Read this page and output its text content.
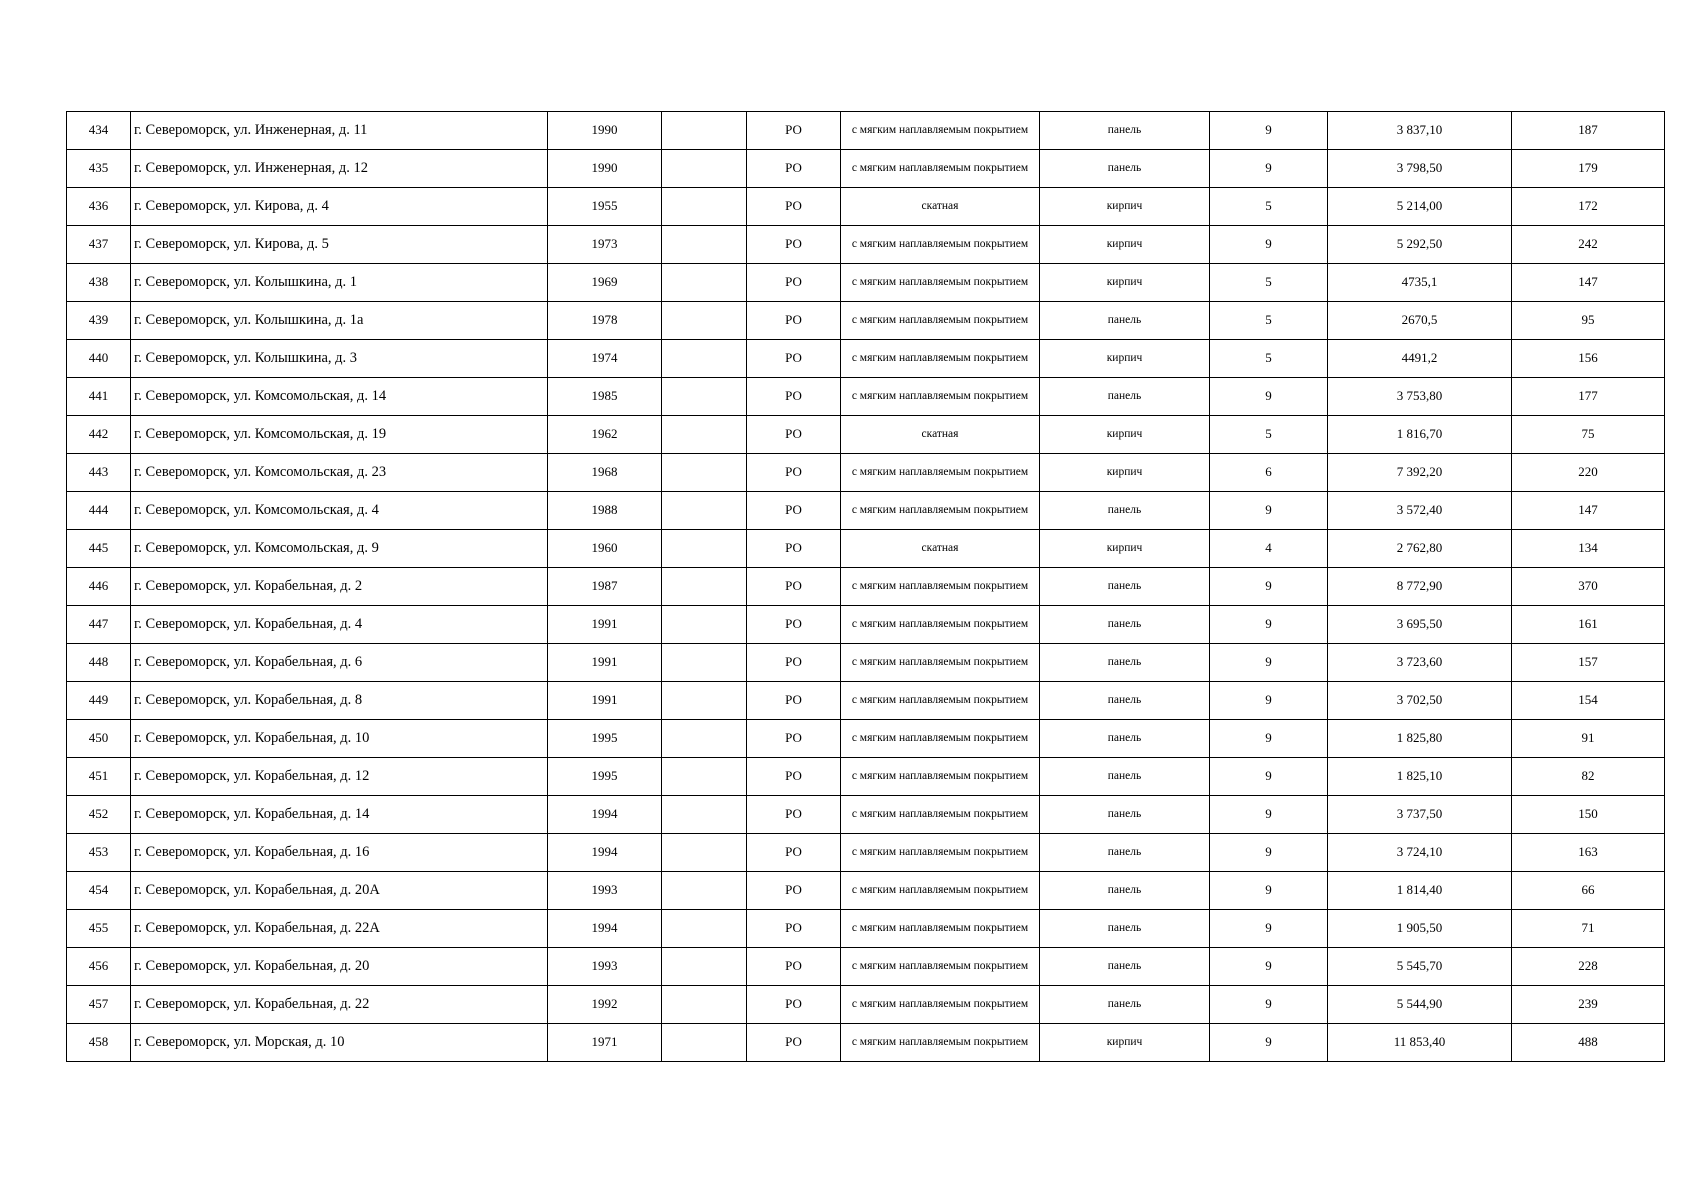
434	г. Североморск, ул. Инженерная, д. 11	1990		РО	с мягким наплавляемым покрытием	панель	9	3 837,10	187
435	г. Североморск, ул. Инженерная, д. 12	1990		РО	с мягким наплавляемым покрытием	панель	9	3 798,50	179
436	г. Североморск, ул. Кирова, д. 4	1955		РО	скатная	кирпич	5	5 214,00	172
437	г. Североморск, ул. Кирова, д. 5	1973		РО	с мягким наплавляемым покрытием	кирпич	9	5 292,50	242
438	г. Североморск, ул. Колышкина, д. 1	1969		РО	с мягким наплавляемым покрытием	кирпич	5	4735,1	147
439	г. Североморск, ул. Колышкина, д. 1а	1978		РО	с мягким наплавляемым покрытием	панель	5	2670,5	95
440	г. Североморск, ул. Колышкина, д. 3	1974		РО	с мягким наплавляемым покрытием	кирпич	5	4491,2	156
441	г. Североморск, ул. Комсомольская, д. 14	1985		РО	с мягким наплавляемым покрытием	панель	9	3 753,80	177
442	г. Североморск, ул. Комсомольская, д. 19	1962		РО	скатная	кирпич	5	1 816,70	75
443	г. Североморск, ул. Комсомольская, д. 23	1968		РО	с мягким наплавляемым покрытием	кирпич	6	7 392,20	220
444	г. Североморск, ул. Комсомольская, д. 4	1988		РО	с мягким наплавляемым покрытием	панель	9	3 572,40	147
445	г. Североморск, ул. Комсомольская, д. 9	1960		РО	скатная	кирпич	4	2 762,80	134
446	г. Североморск, ул. Корабельная, д. 2	1987		РО	с мягким наплавляемым покрытием	панель	9	8 772,90	370
447	г. Североморск, ул. Корабельная, д. 4	1991		РО	с мягким наплавляемым покрытием	панель	9	3 695,50	161
448	г. Североморск, ул. Корабельная, д. 6	1991		РО	с мягким наплавляемым покрытием	панель	9	3 723,60	157
449	г. Североморск, ул. Корабельная, д. 8	1991		РО	с мягким наплавляемым покрытием	панель	9	3 702,50	154
450	г. Североморск, ул. Корабельная, д. 10	1995		РО	с мягким наплавляемым покрытием	панель	9	1 825,80	91
451	г. Североморск, ул. Корабельная, д. 12	1995		РО	с мягким наплавляемым покрытием	панель	9	1 825,10	82
452	г. Североморск, ул. Корабельная, д. 14	1994		РО	с мягким наплавляемым покрытием	панель	9	3 737,50	150
453	г. Североморск, ул. Корабельная, д. 16	1994		РО	с мягким наплавляемым покрытием	панель	9	3 724,10	163
454	г. Североморск, ул. Корабельная, д. 20А	1993		РО	с мягким наплавляемым покрытием	панель	9	1 814,40	66
455	г. Североморск, ул. Корабельная, д. 22А	1994		РО	с мягким наплавляемым покрытием	панель	9	1 905,50	71
456	г. Североморск, ул. Корабельная, д. 20	1993		РО	с мягким наплавляемым покрытием	панель	9	5 545,70	228
457	г. Североморск, ул. Корабельная, д. 22	1992		РО	с мягким наплавляемым покрытием	панель	9	5 544,90	239
458	г. Североморск, ул. Морская, д. 10	1971		РО	с мягким наплавляемым покрытием	кирпич	9	11 853,40	488
